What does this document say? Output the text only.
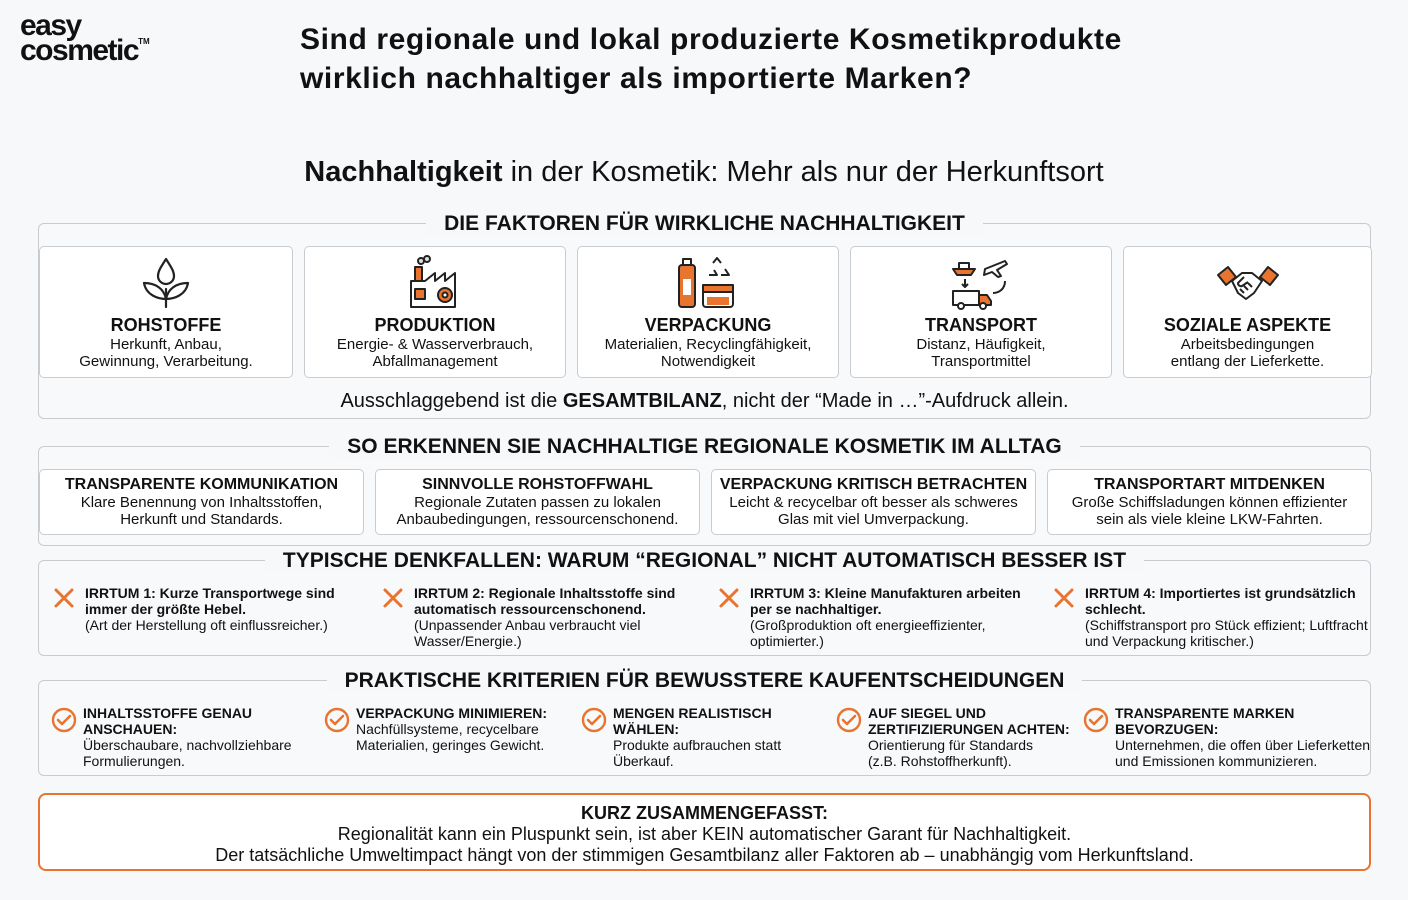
easy
cosmetic™	Sind regionale und lokal produzierte Kosmetikprodukte
wirklich nachhaltiger als importierte Marken?
Nachhaltigkeit in der Kosmetik: Mehr als nur der Herkunftsort
DIE FAKTOREN FÜR WIRKLICHE NACHHALTIGKEIT
ROHSTOFFE
Herkunft, Anbau,
Gewinnung, Verarbeitung.
PRODUKTION
Energie- & Wasserverbrauch,
Abfallmanagement
VERPACKUNG
Materialien, Recyclingfähigkeit,
Notwendigkeit
TRANSPORT
Distanz, Häufigkeit,
Transportmittel
SOZIALE ASPEKTE
Arbeitsbedingungen
entlang der Lieferkette.
Ausschlaggebend ist die GESAMTBILANZ, nicht der “Made in …”-Aufdruck allein.
SO ERKENNEN SIE NACHHALTIGE REGIONALE KOSMETIK IM ALLTAG
TRANSPARENTE KOMMUNIKATION
Klare Benennung von Inhaltsstoffen,
Herkunft und Standards.
SINNVOLLE ROHSTOFFWAHL
Regionale Zutaten passen zu lokalen
Anbaubedingungen, ressourcenschonend.
VERPACKUNG KRITISCH BETRACHTEN
Leicht & recycelbar oft besser als schweres
Glas mit viel Umverpackung.
TRANSPORTART MITDENKEN
Große Schiffsladungen können effizienter
sein als viele kleine LKW-Fahrten.
TYPISCHE DENKFALLEN: WARUM “REGIONAL” NICHT AUTOMATISCH BESSER IST
IRRTUM 1: Kurze Transportwege sind
immer der größte Hebel.
(Art der Herstellung oft einflussreicher.)
IRRTUM 2: Regionale Inhaltsstoffe sind
automatisch ressourcenschonend.
(Unpassender Anbau verbraucht viel
Wasser/Energie.)
IRRTUM 3: Kleine Manufakturen arbeiten
per se nachhaltiger.
(Großproduktion oft energieeffizienter,
optimierter.)
IRRTUM 4: Importiertes ist grundsätzlich
schlecht.
(Schiffstransport pro Stück effizient; Luftfracht
und Verpackung kritischer.)
PRAKTISCHE KRITERIEN FÜR BEWUSSTERE KAUFENTSCHEIDUNGEN
INHALTSSTOFFE GENAU
ANSCHAUEN:
Überschaubare, nachvollziehbare
Formulierungen.
VERPACKUNG MINIMIEREN:
Nachfüllsysteme, recycelbare
Materialien, geringes Gewicht.
MENGEN REALISTISCH
WÄHLEN:
Produkte aufbrauchen statt
Überkauf.
AUF SIEGEL UND
ZERTIFIZIERUNGEN ACHTEN:
Orientierung für Standards
(z.B. Rohstoffherkunft).
TRANSPARENTE MARKEN
BEVORZUGEN:
Unternehmen, die offen über Lieferketten
und Emissionen kommunizieren.
KURZ ZUSAMMENGEFASST:
Regionalität kann ein Pluspunkt sein, ist aber KEIN automatischer Garant für Nachhaltigkeit.
Der tatsächliche Umweltimpact hängt von der stimmigen Gesamtbilanz aller Faktoren ab – unabhängig vom Herkunftsland.
